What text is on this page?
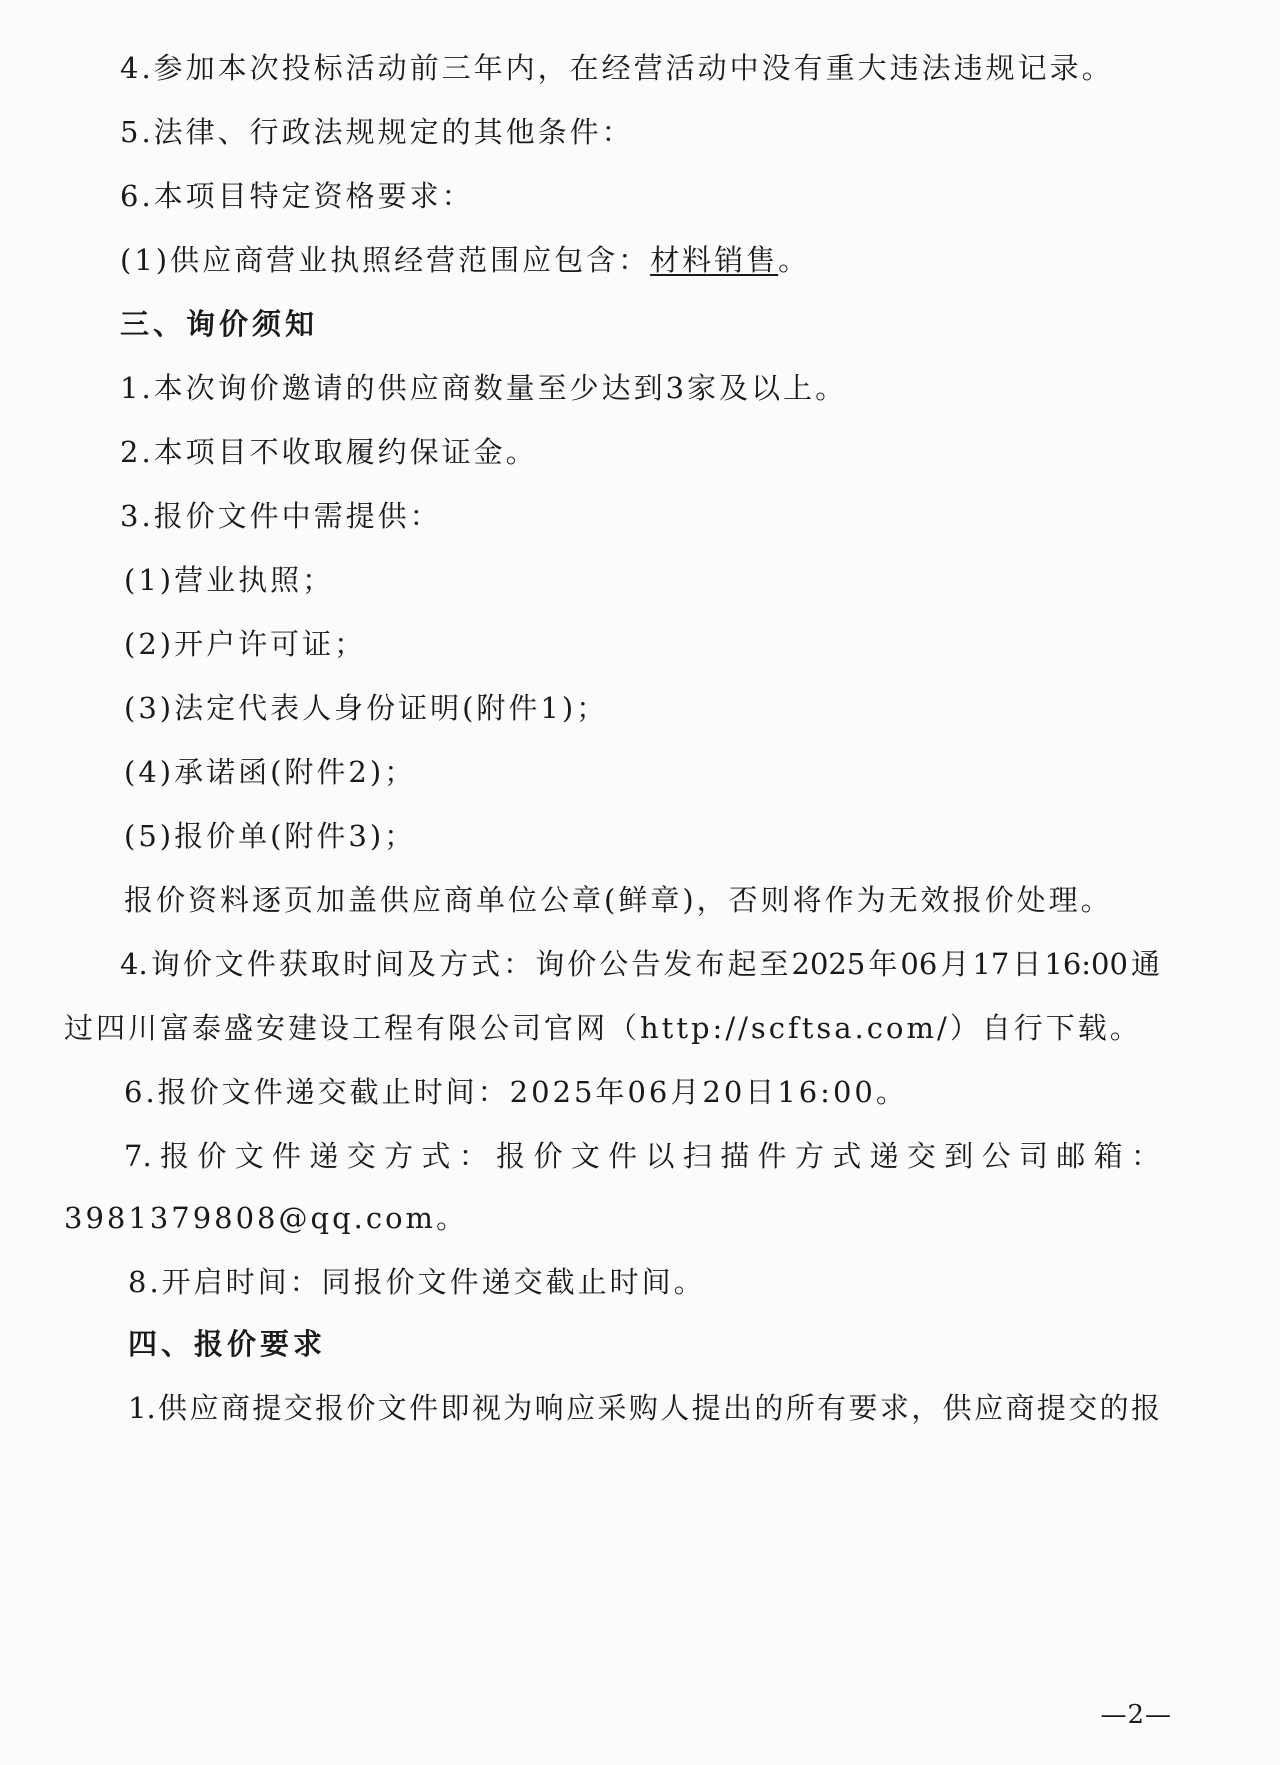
4.参加本次投标活动前三年内，在经营活动中没有重大违法违规记录。
5.法律、行政法规规定的其他条件：
6.本项目特定资格要求：
(1)供应商营业执照经营范围应包含：材料销售。
三、询价须知
1.本次询价邀请的供应商数量至少达到3家及以上。
2.本项目不收取履约保证金。
3.报价文件中需提供：
(1)营业执照；
(2)开户许可证；
(3)法定代表人身份证明(附件1)；
(4)承诺函(附件2)；
(5)报价单(附件3)；
报价资料逐页加盖供应商单位公章(鲜章)，否则将作为无效报价处理。
4.询价文件获取时间及方式：询价公告发布起至2025年06月17日16:00通
过四川富泰盛安建设工程有限公司官网（http://scftsa.com/）自行下载。
6.报价文件递交截止时间：2025年06月20日16:00。
7.报价文件递交方式：报价文件以扫描件方式递交到公司邮箱：
3981379808@qq.com。
8.开启时间：同报价文件递交截止时间。
四、报价要求
1.供应商提交报价文件即视为响应采购人提出的所有要求，供应商提交的报
—2—
